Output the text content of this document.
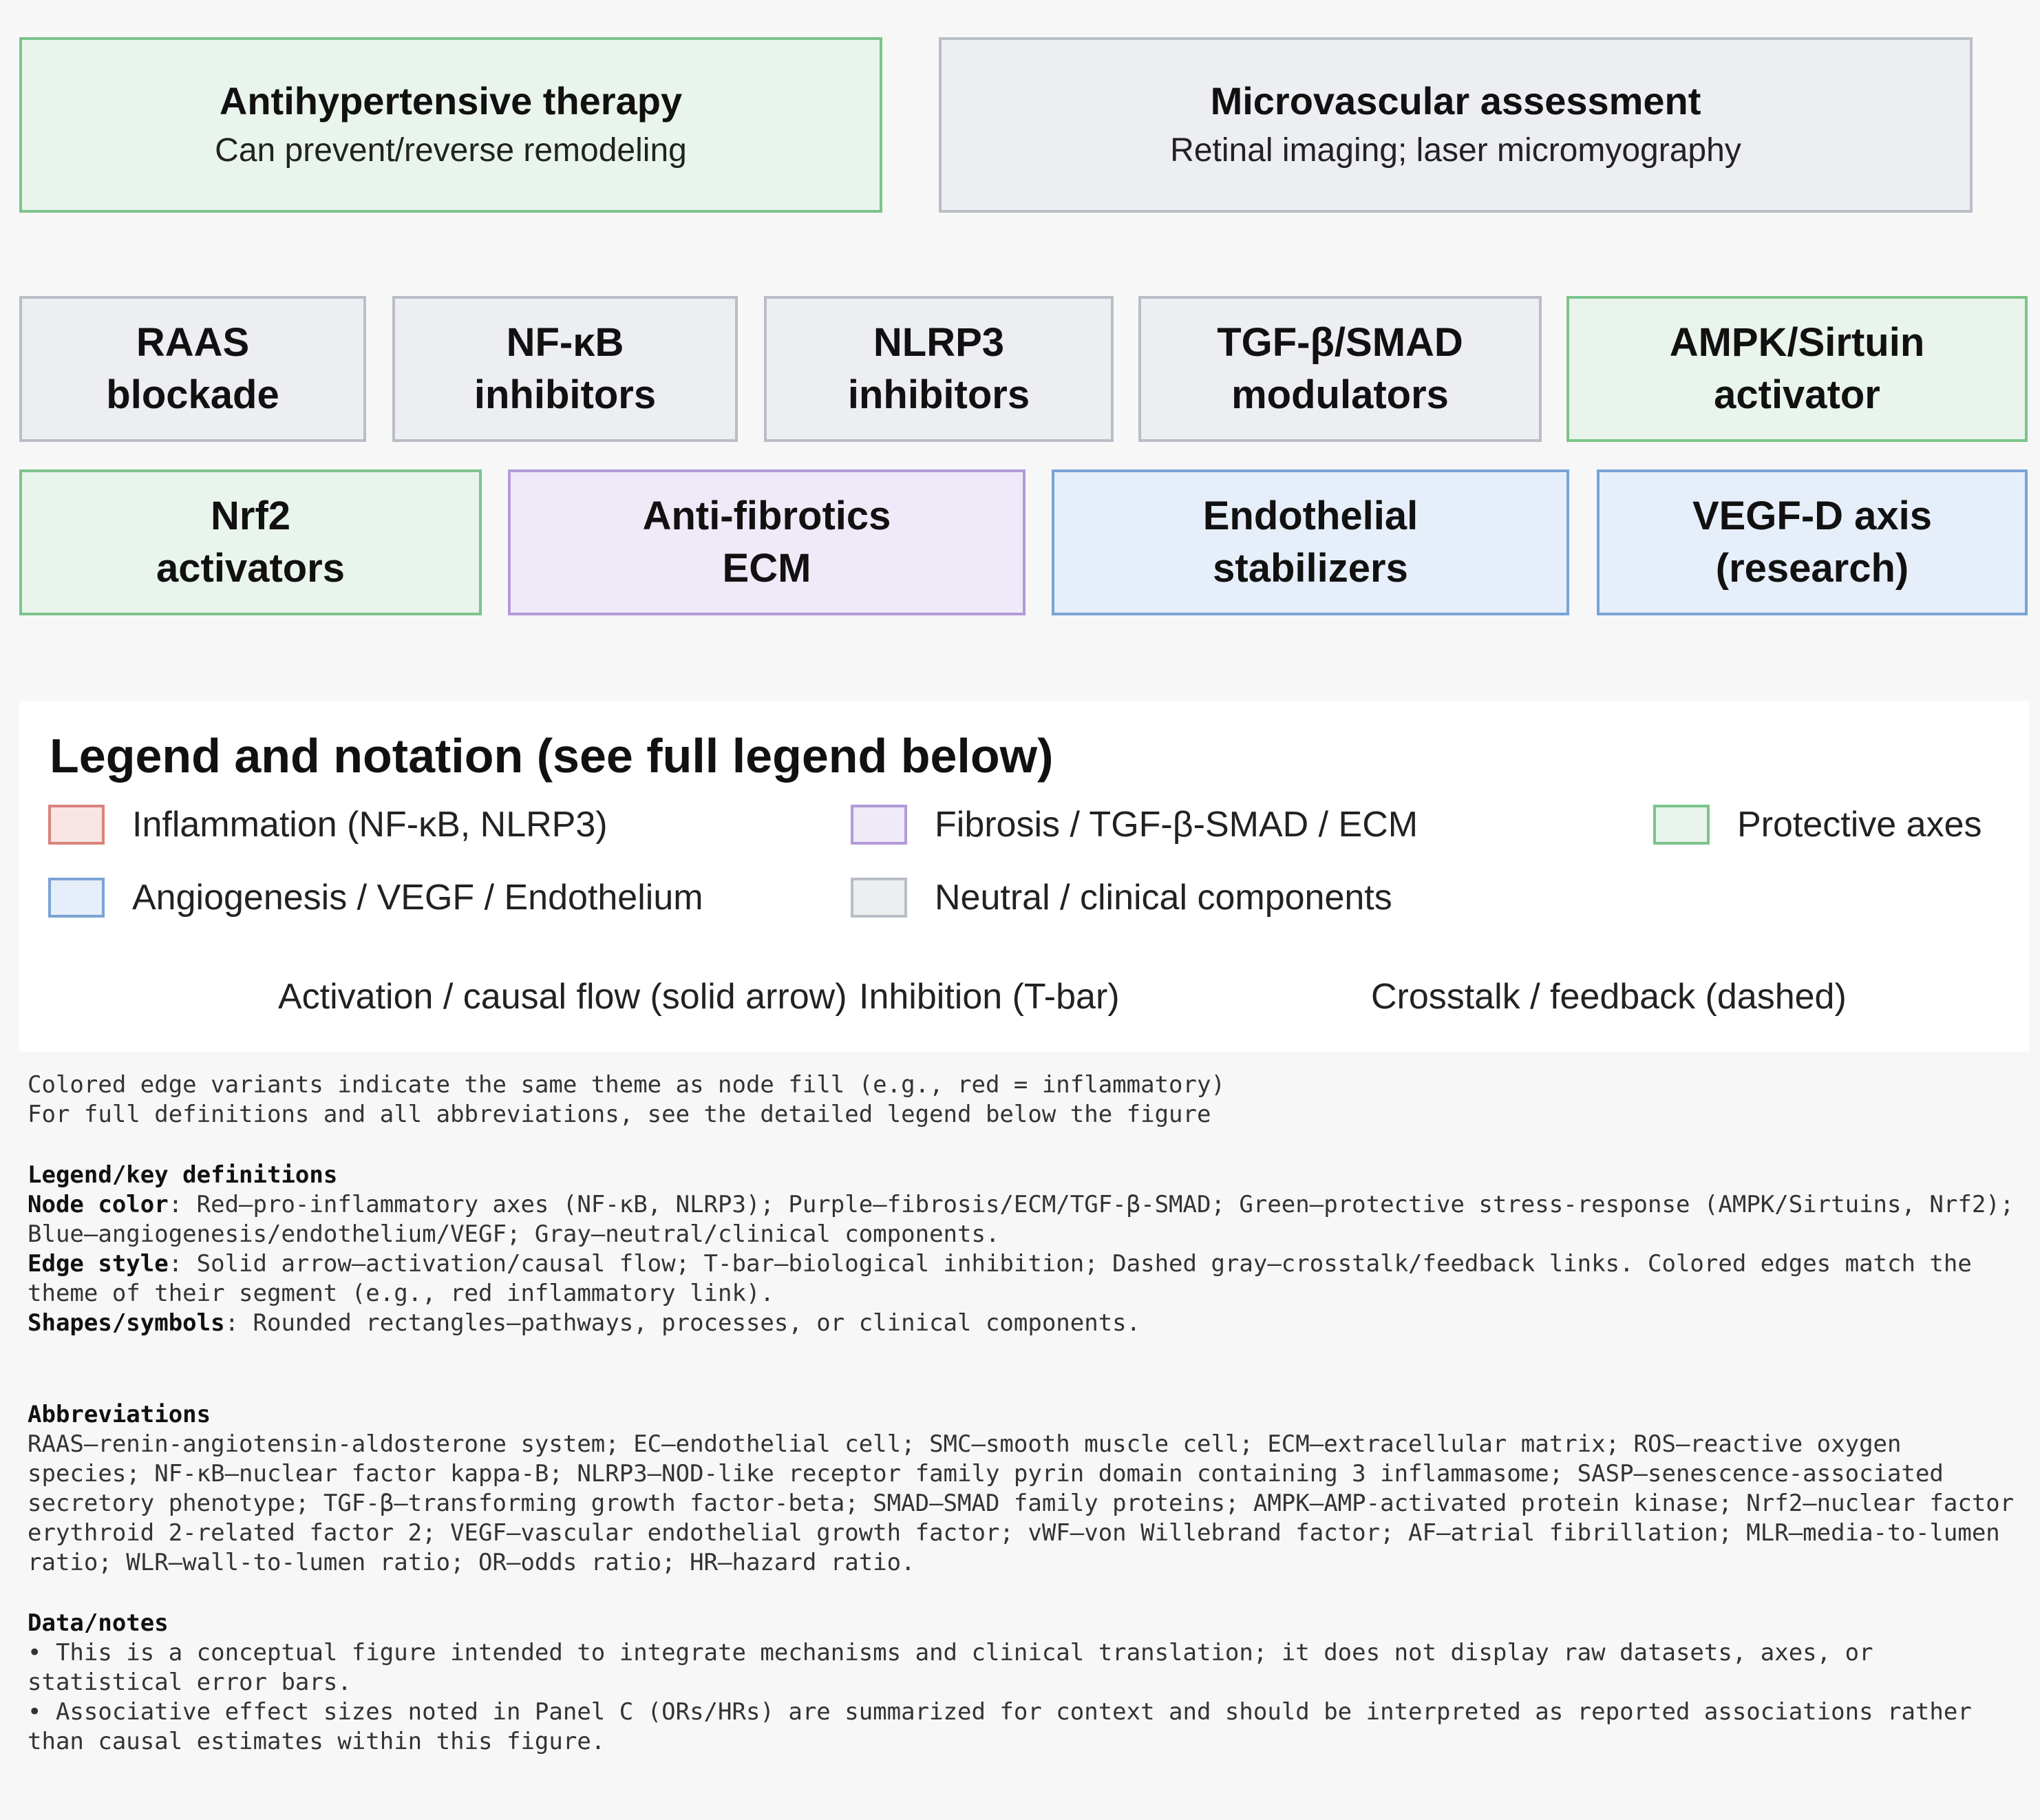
Antihypertensive therapy
Can prevent/reverse remodeling
Microvascular assessment
Retinal imaging; laser micromyography
RAAS
blockade
NF-κB
inhibitors
NLRP3
inhibitors
TGF-β/SMAD
modulators
AMPK/Sirtuin
activator
Nrf2
activators
Anti-fibrotics
ECM
Endothelial
stabilizers
VEGF-D axis
(research)
Legend and notation (see full legend below)
Inflammation (NF-κB, NLRP3)	Fibrosis / TGF-β-SMAD / ECM	Protective axes
Angiogenesis / VEGF / Endothelium	Neutral / clinical components
Activation / causal flow (solid arrow) Inhibition (T-bar)	Crosstalk / feedback (dashed)
Colored edge variants indicate the same theme as node fill (e.g., red = inflammatory)
For full definitions and all abbreviations, see the detailed legend below the figure
Legend/key definitions
Node color: Red—pro-inflammatory axes (NF-κB, NLRP3); Purple—fibrosis/ECM/TGF-β-SMAD; Green—protective stress-response (AMPK/Sirtuins, Nrf2); Blue—angiogenesis/endothelium/VEGF; Gray—neutral/clinical components.
Edge style: Solid arrow—activation/causal flow; T-bar—biological inhibition; Dashed gray—crosstalk/feedback links. Colored edges match the theme of their segment (e.g., red inflammatory link).
Shapes/symbols: Rounded rectangles—pathways, processes, or clinical components.
Abbreviations
RAAS—renin-angiotensin-aldosterone system; EC—endothelial cell; SMC—smooth muscle cell; ECM—extracellular matrix; ROS—reactive oxygen species; NF-κB—nuclear factor kappa-B; NLRP3—NOD-like receptor family pyrin domain containing 3 inflammasome; SASP—senescence-associated secretory phenotype; TGF-β—transforming growth factor-beta; SMAD—SMAD family proteins; AMPK—AMP-activated protein kinase; Nrf2—nuclear factor erythroid 2-related factor 2; VEGF—vascular endothelial growth factor; vWF—von Willebrand factor; AF—atrial fibrillation; MLR—media-to-lumen ratio; WLR—wall-to-lumen ratio; OR—odds ratio; HR—hazard ratio.
Data/notes
• This is a conceptual figure intended to integrate mechanisms and clinical translation; it does not display raw datasets, axes, or statistical error bars.
• Associative effect sizes noted in Panel C (ORs/HRs) are summarized for context and should be interpreted as reported associations rather than causal estimates within this figure.
